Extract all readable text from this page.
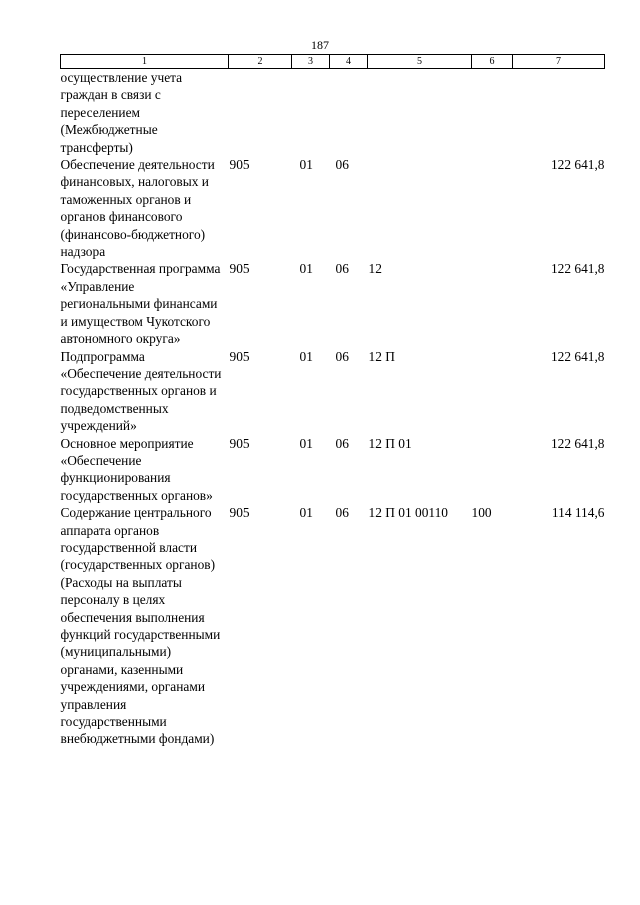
187
1	2	3	4	5	6	7
осуществление учета граждан в связи с переселением (Межбюджетные трансферты)						
Обеспечение деятельности финансовых, налоговых и таможенных органов и органов финансового (финансово-бюджетного) надзора	905	01	06			122 641,8
Государственная программа «Управление региональными финансами и имуществом Чукотского автономного округа»	905	01	06	12		122 641,8
Подпрограмма «Обеспечение деятельности государственных органов и подведомственных учреждений»	905	01	06	12 П		122 641,8
Основное мероприятие «Обеспечение функционирования государственных органов»	905	01	06	12 П 01		122 641,8
Содержание центрального аппарата органов государственной власти (государственных органов) (Расходы на выплаты персоналу в целях обеспечения выполнения функций государственными (муниципальными) органами, казенными учреждениями, органами управления государственными внебюджетными фондами)	905	01	06	12 П 01 00110	100	114 114,6
